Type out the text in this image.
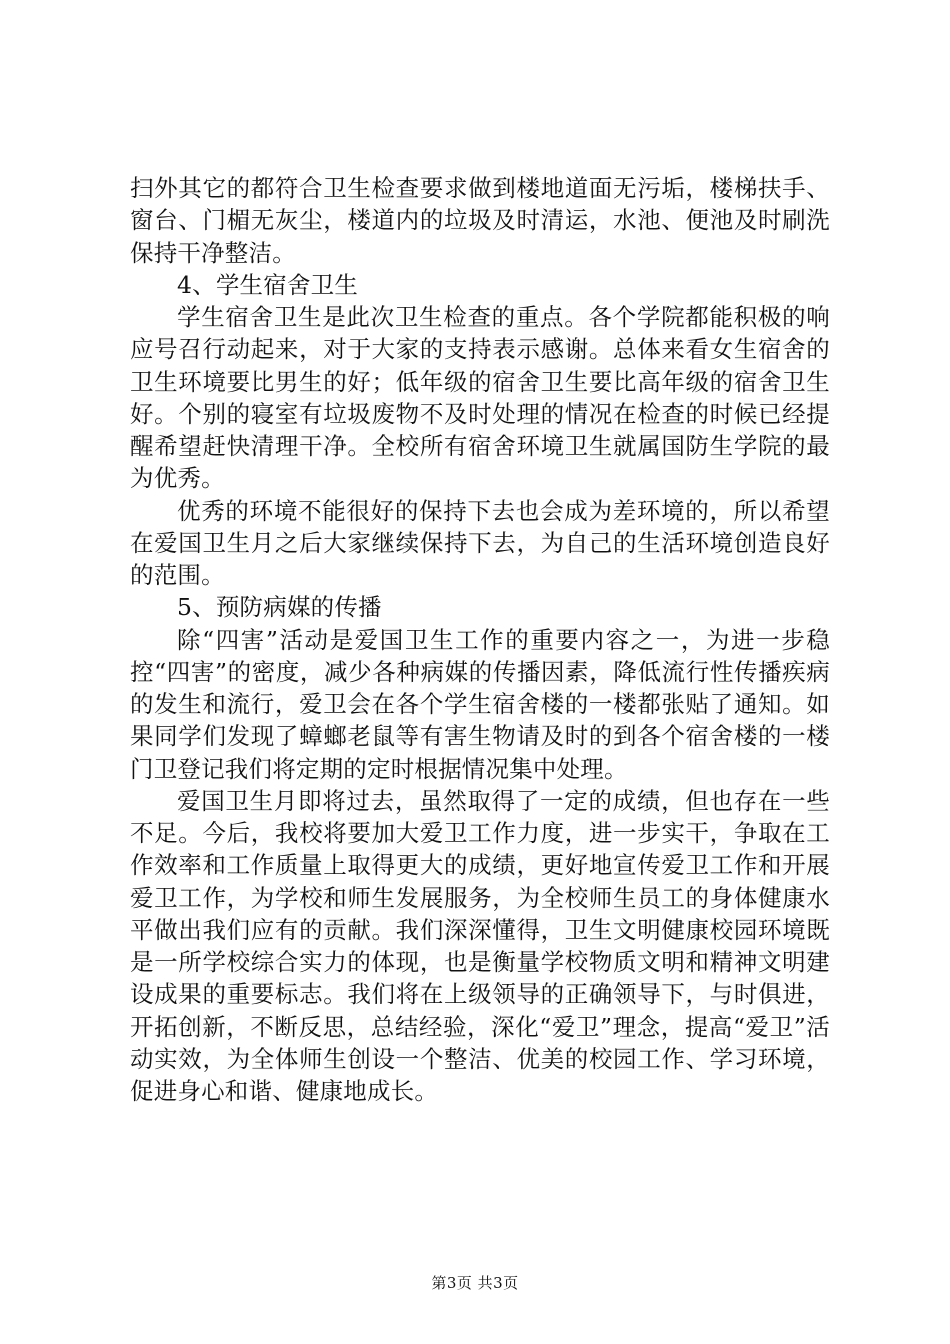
扫外其它的都符合卫生检查要求做到楼地道面无污垢，楼梯扶手、窗台、门楣无灰尘，楼道内的垃圾及时清运，水池、便池及时刷洗保持干净整洁。

4、学生宿舍卫生

学生宿舍卫生是此次卫生检查的重点。各个学院都能积极的响应号召行动起来，对于大家的支持表示感谢。总体来看女生宿舍的卫生环境要比男生的好；低年级的宿舍卫生要比高年级的宿舍卫生好。个别的寝室有垃圾废物不及时处理的情况在检查的时候已经提醒希望赶快清理干净。全校所有宿舍环境卫生就属国防生学院的最为优秀。

优秀的环境不能很好的保持下去也会成为差环境的，所以希望在爱国卫生月之后大家继续保持下去，为自己的生活环境创造良好的范围。

5、预防病媒的传播

除“四害”活动是爱国卫生工作的重要内容之一，为进一步稳控“四害”的密度，减少各种病媒的传播因素，降低流行性传播疾病的发生和流行，爱卫会在各个学生宿舍楼的一楼都张贴了通知。如果同学们发现了蟑螂老鼠等有害生物请及时的到各个宿舍楼的一楼门卫登记我们将定期的定时根据情况集中处理。

爱国卫生月即将过去，虽然取得了一定的成绩，但也存在一些不足。今后，我校将要加大爱卫工作力度，进一步实干，争取在工作效率和工作质量上取得更大的成绩，更好地宣传爱卫工作和开展爱卫工作，为学校和师生发展服务，为全校师生员工的身体健康水平做出我们应有的贡献。我们深深懂得，卫生文明健康校园环境既是一所学校综合实力的体现，也是衡量学校物质文明和精神文明建设成果的重要标志。我们将在上级领导的正确领导下，与时俱进，开拓创新，不断反思，总结经验，深化“爱卫”理念，提高“爱卫”活动实效，为全体师生创设一个整洁、优美的校园工作、学习环境，促进身心和谐、健康地成长。

第3页 共3页
